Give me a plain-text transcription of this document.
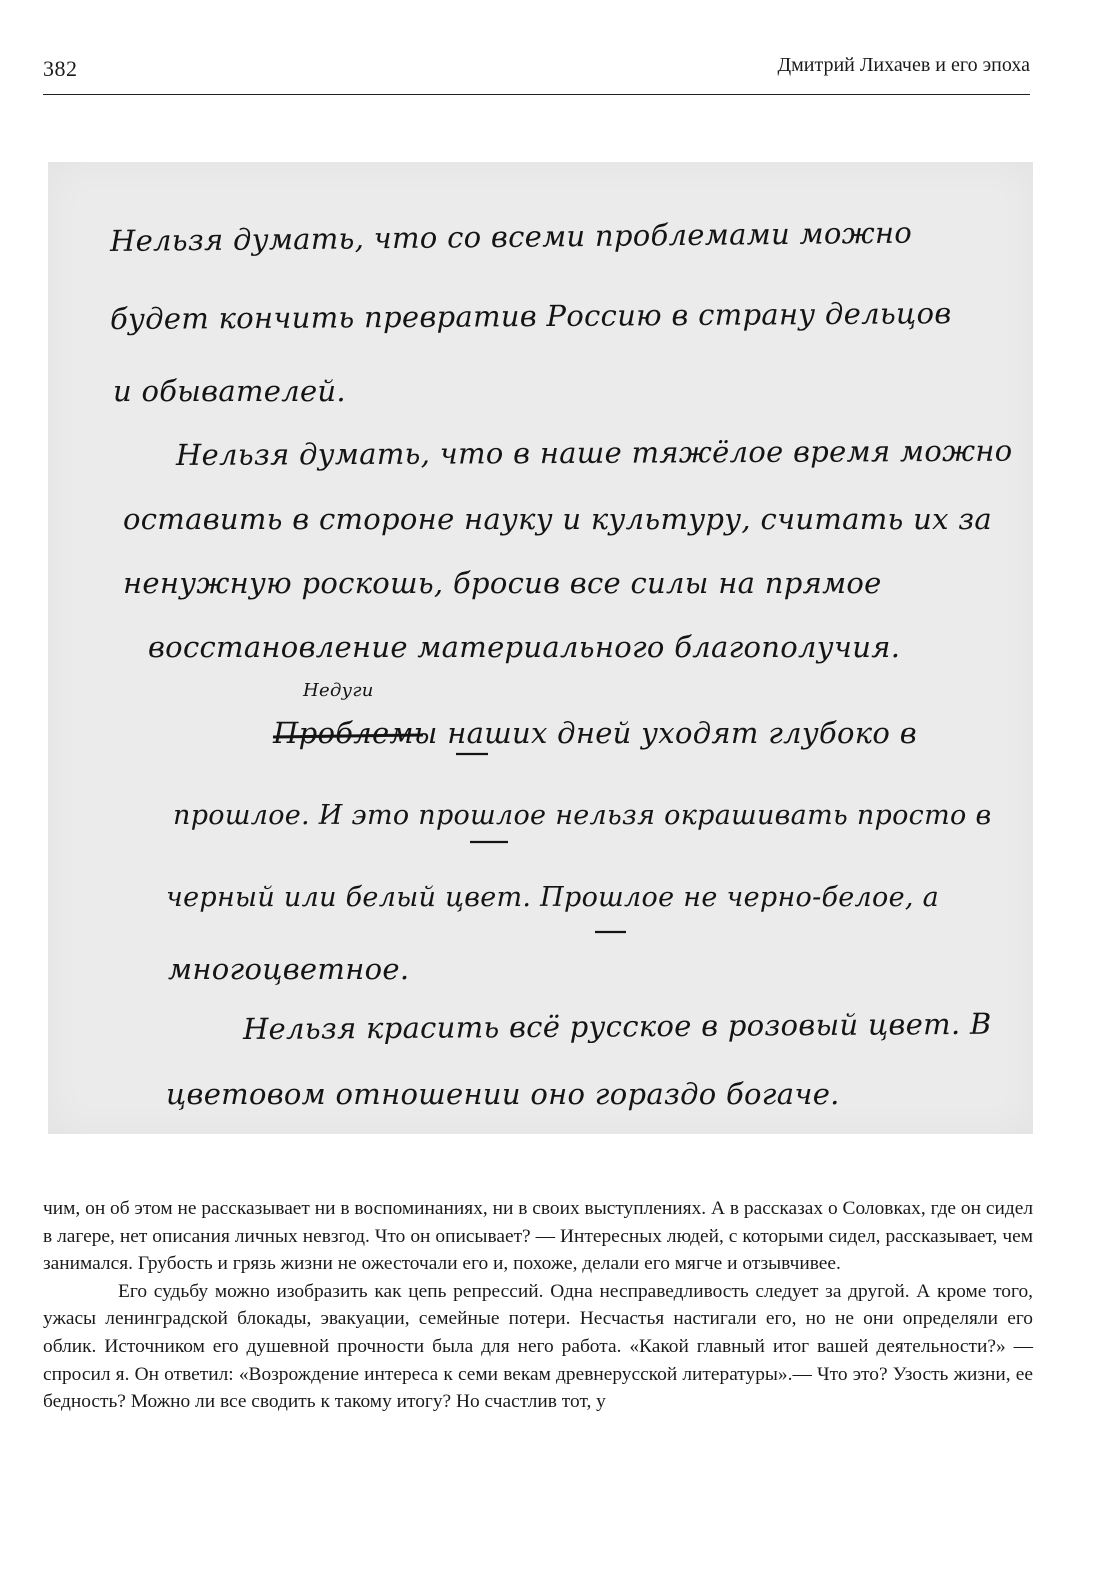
382	Дмитрий Лихачев и его эпоха
Нельзя думать, что со всеми проблемами можно
будет кончить превратив Россию в страну дельцов
и обывателей.
Нельзя думать, что в наше тяжёлое время можно
оставить в стороне науку и культуру, считать их за
ненужную роскошь, бросив все силы на прямое
восстановление материального благополучия.
Недуги
Проблемы наших дней уходят глубоко в
прошлое. И это прошлое нельзя окрашивать просто в
черный или белый цвет. Прошлое не черно-белое, а
многоцветное.
Нельзя красить всё русское в розовый цвет. В
цветовом отношении оно гораздо богаче.

чим, он об этом не рассказывает ни в воспоминаниях, ни в своих выступлениях. А в рассказах о Соловках, где он сидел в лагере, нет описания личных невзгод. Что он описывает? — Интересных людей, с которыми сидел, рассказывает, чем занимался. Грубость и грязь жизни не ожесточали его и, похоже, делали его мягче и отзывчивее.

Его судьбу можно изобразить как цепь репрессий. Одна несправедливость следует за другой. А кроме того, ужасы ленинградской блокады, эвакуации, семейные потери. Несчастья настигали его, но не они определяли его облик. Источником его душевной прочности была для него работа. «Какой главный итог вашей деятельности?» — спросил я. Он ответил: «Возрождение интереса к семи векам древнерусской литературы».— Что это? Узость жизни, ее бедность? Можно ли все сводить к такому итогу? Но счастлив тот, у
